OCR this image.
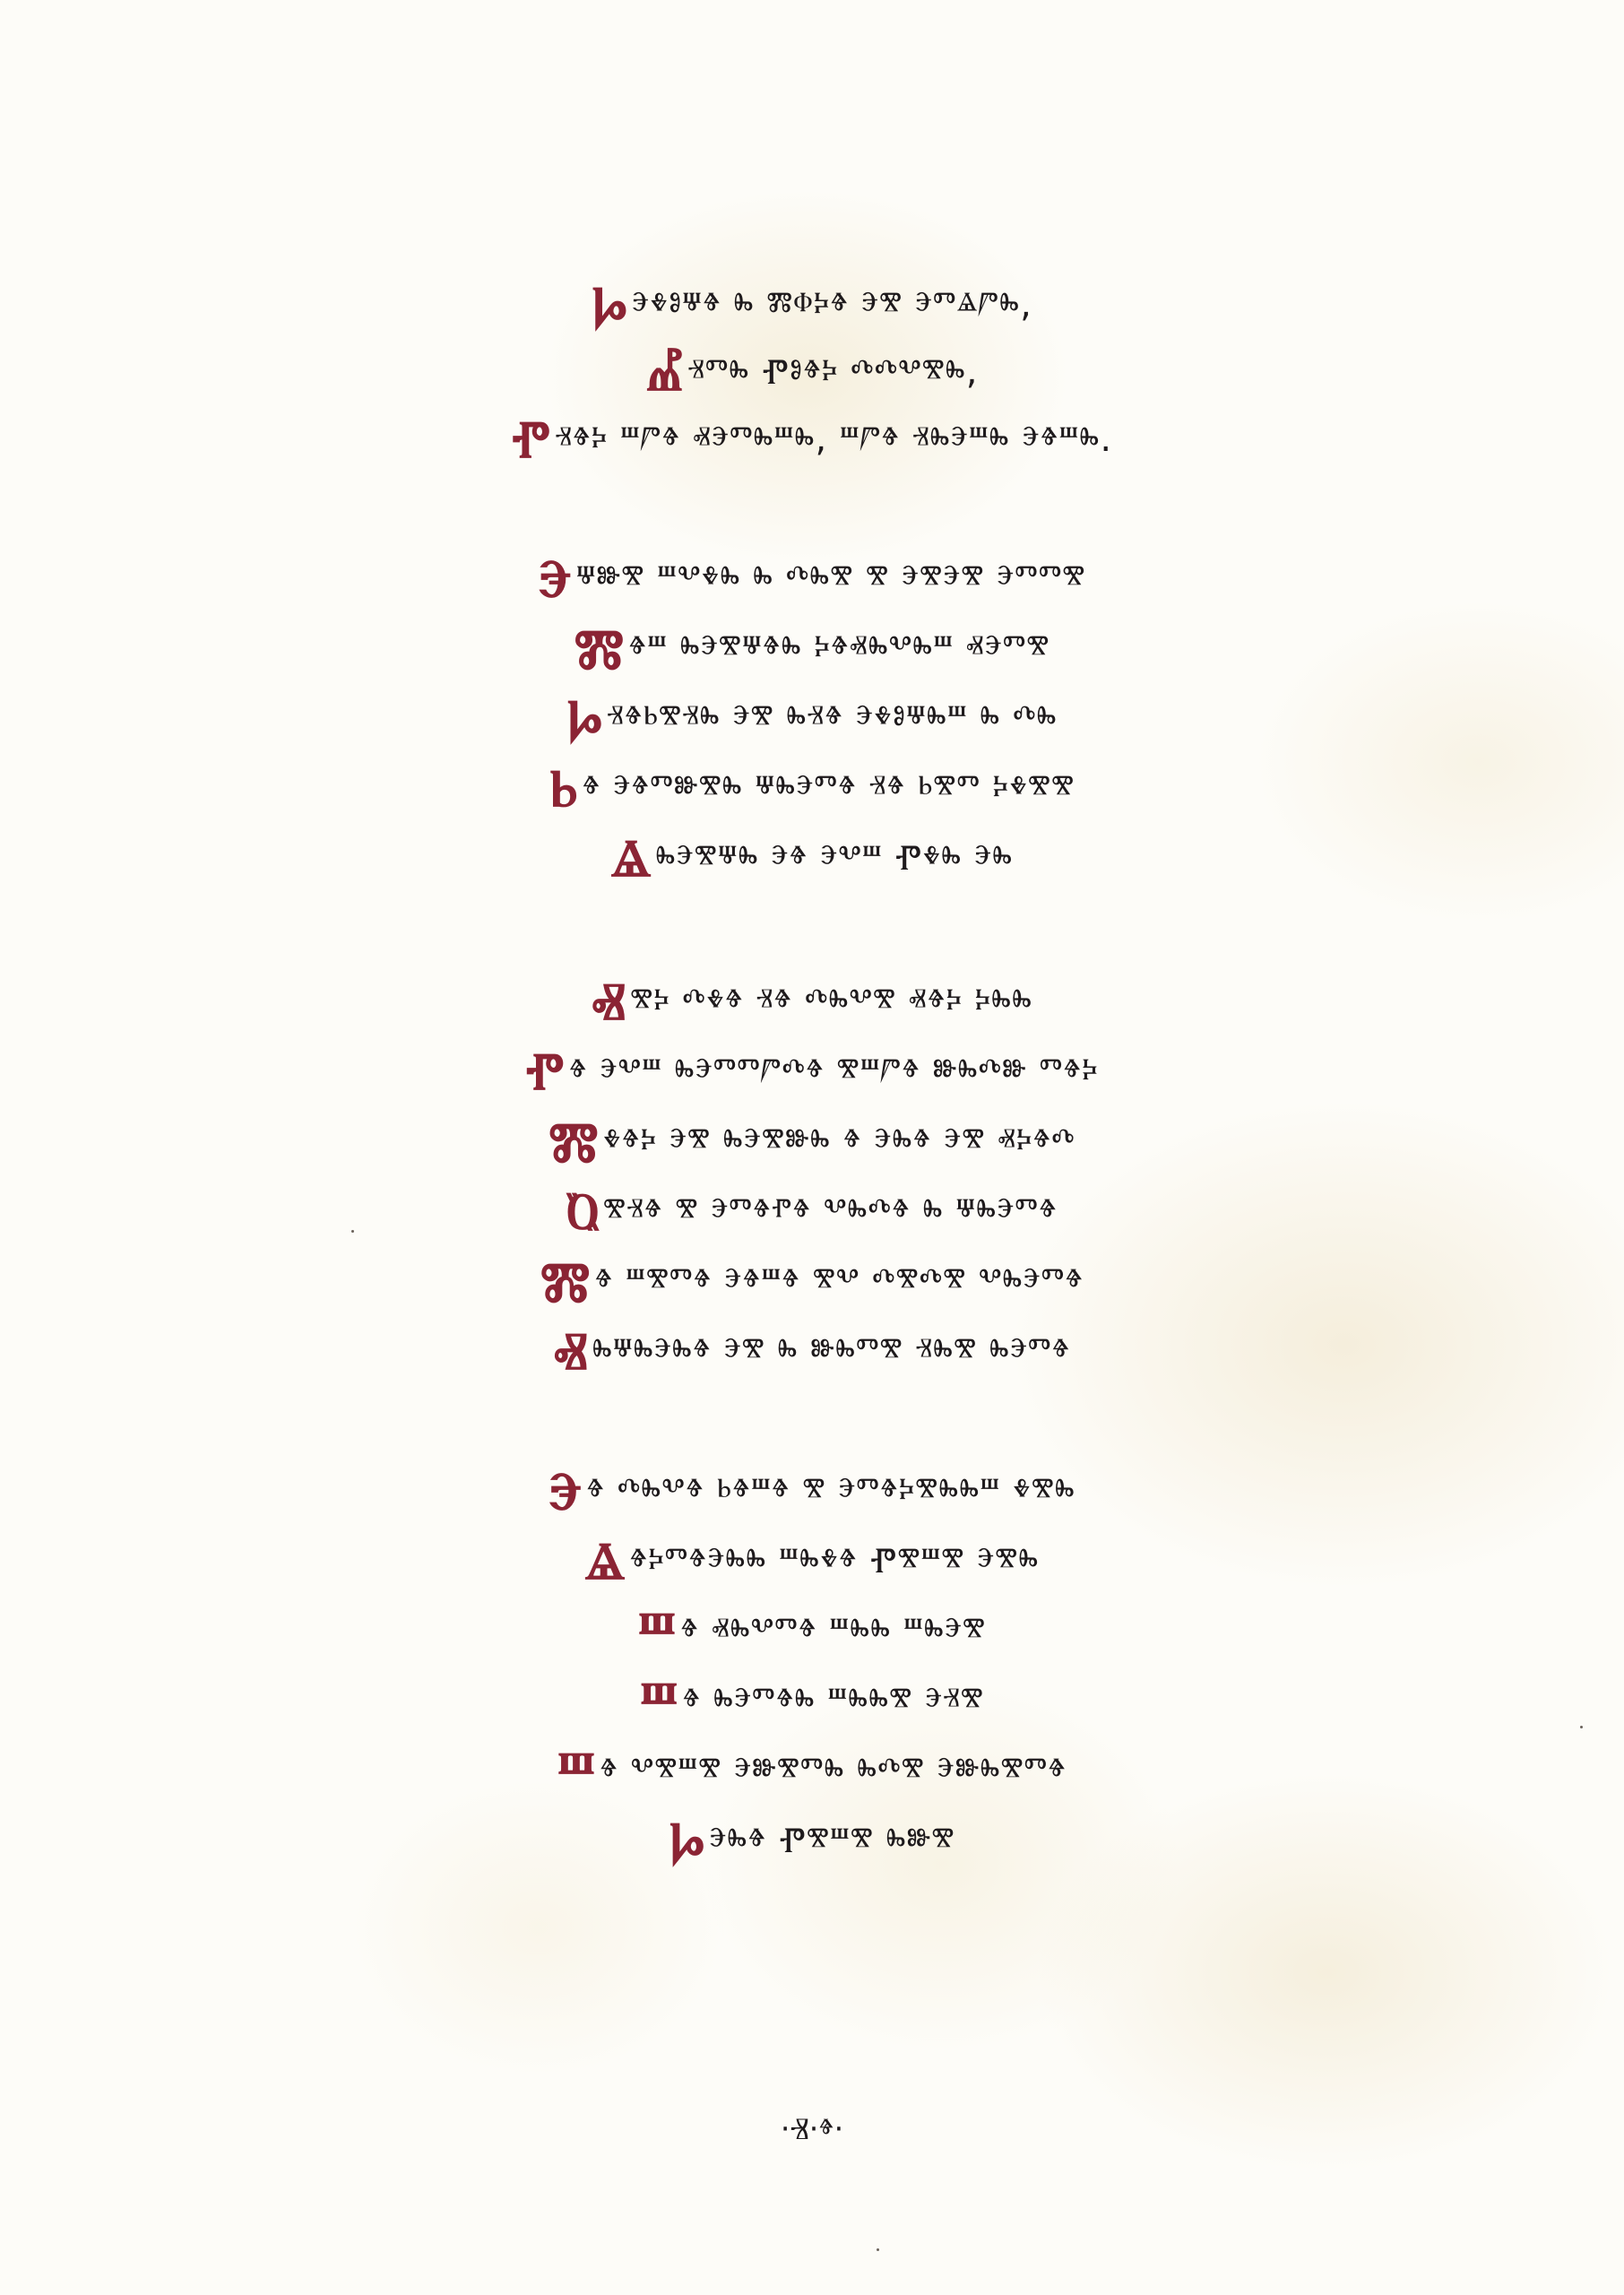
Ⱈ ⰵⰷⱁⱋⱖ ⰸ ⰿⱇⰽⱖ ⰵⰺ ⰵⱅⱑⱓⰸ,
Ⰼ ⱐⱅⰸ Ⱂⱁⱖⰽ ⰴⰴⰲⰺⰸ,
Ⱂ ⱐⱖⰽ ⱎⱓⱖ ⱏⰵⱅⰸⱎⰸ, ⱎⱓⱖ ⱐⰸⰵⱎⰸ ⰵⱖⱎⰸ.
Ⰵ ⱋⱆⰺ ⱎⰲⰷⰸ ⰸ ⰴⰸⰺ ⰺ ⰵⰺⰵⰺ ⰵⱅⱅⰺ
Ⰿ ⱖⱎ ⰸⰵⰺⱋⱖⰸ ⰽⱖⱏⰸⰲⰸⱎ ⱏⰵⱅⰺ
Ⱈ ⱐⱖⱃⰺⱐⰸ ⰵⰺ ⰸⱐⱖ ⰵⰷⱁⱋⰸⱎ ⰸ ⰴⰸ
Ⱃ ⱖ ⰵⱖⱅⱆⰺⰸ ⱋⰸⰵⱅⱖ ⱐⱖ ⱃⰺⱅ ⰽⰷⰺⰺ
Ⱑ ⰸⰵⰺⱋⰸ ⰵⱖ ⰵⰲⱎ Ⱂⰷⰸ ⰵⰸ
Ⱏ ⰺⰽ ⰴⰷⱖ ⱐⱖ ⰴⰸⰲⰺ ⱏⱖⰽ ⰽⰸⰸ
Ⱂ ⱖ ⰵⰲⱎ ⰸⰵⱅⱅⱓⰴⱖ ⰺⱎⱓⱖ ⱆⰸⰴⱆ ⱅⱖⰽ
Ⰿ ⰷⱖⰽ ⰵⰺ ⰸⰵⰺⱆⰸ ⱖ ⰵⰸⱖ ⰵⰺ ⱏⰽⱖⰴ
Ⱒ ⰺⱐⱖ ⰺ ⰵⱅⱖⱂⱖ ⰲⰸⰴⱖ ⰸ ⱋⰸⰵⱅⱖ
Ⰿ ⱖ ⱎⰺⱅⱖ ⰵⱖⱎⱖ ⰺⰲ ⰴⰺⰴⰺ ⰲⰸⰵⱅⱖ
Ⱏ ⰸⱋⰸⰵⰸⱖ ⰵⰺ ⰸ ⱆⰸⱅⰺ ⱐⰸⰺ ⰸⰵⱅⱖ
Ⰵ ⱖ ⰴⰸⰲⱖ ⱃⱖⱎⱖ ⰺ ⰵⱅⱖⰽⰺⰸⰸⱎ ⰷⰺⰸ
Ⱑ ⱖⰽⱅⱖⰵⰸⰸ ⱎⰸⰷⱖ Ⱂⰺⱎⰺ ⰵⰺⰸ
Ⱎ ⱖ ⱏⰸⰲⱅⱖ ⱎⰸⰸ ⱎⰸⰵⰺ
Ⱎ ⱖ ⰸⰵⱅⱖⰸ ⱎⰸⰸⰺ ⰵⱐⰺ
Ⱎ ⱖ ⰲⰺⱎⰺ ⰵⱆⰺⱅⰸ ⰸⰴⰺ ⰵⱆⰸⰺⱅⱖ
Ⱈ ⰵⰸⱖ Ⱂⰺⱎⰺ ⰸⱆⰺ
·Ⱐ·ⱖ·
